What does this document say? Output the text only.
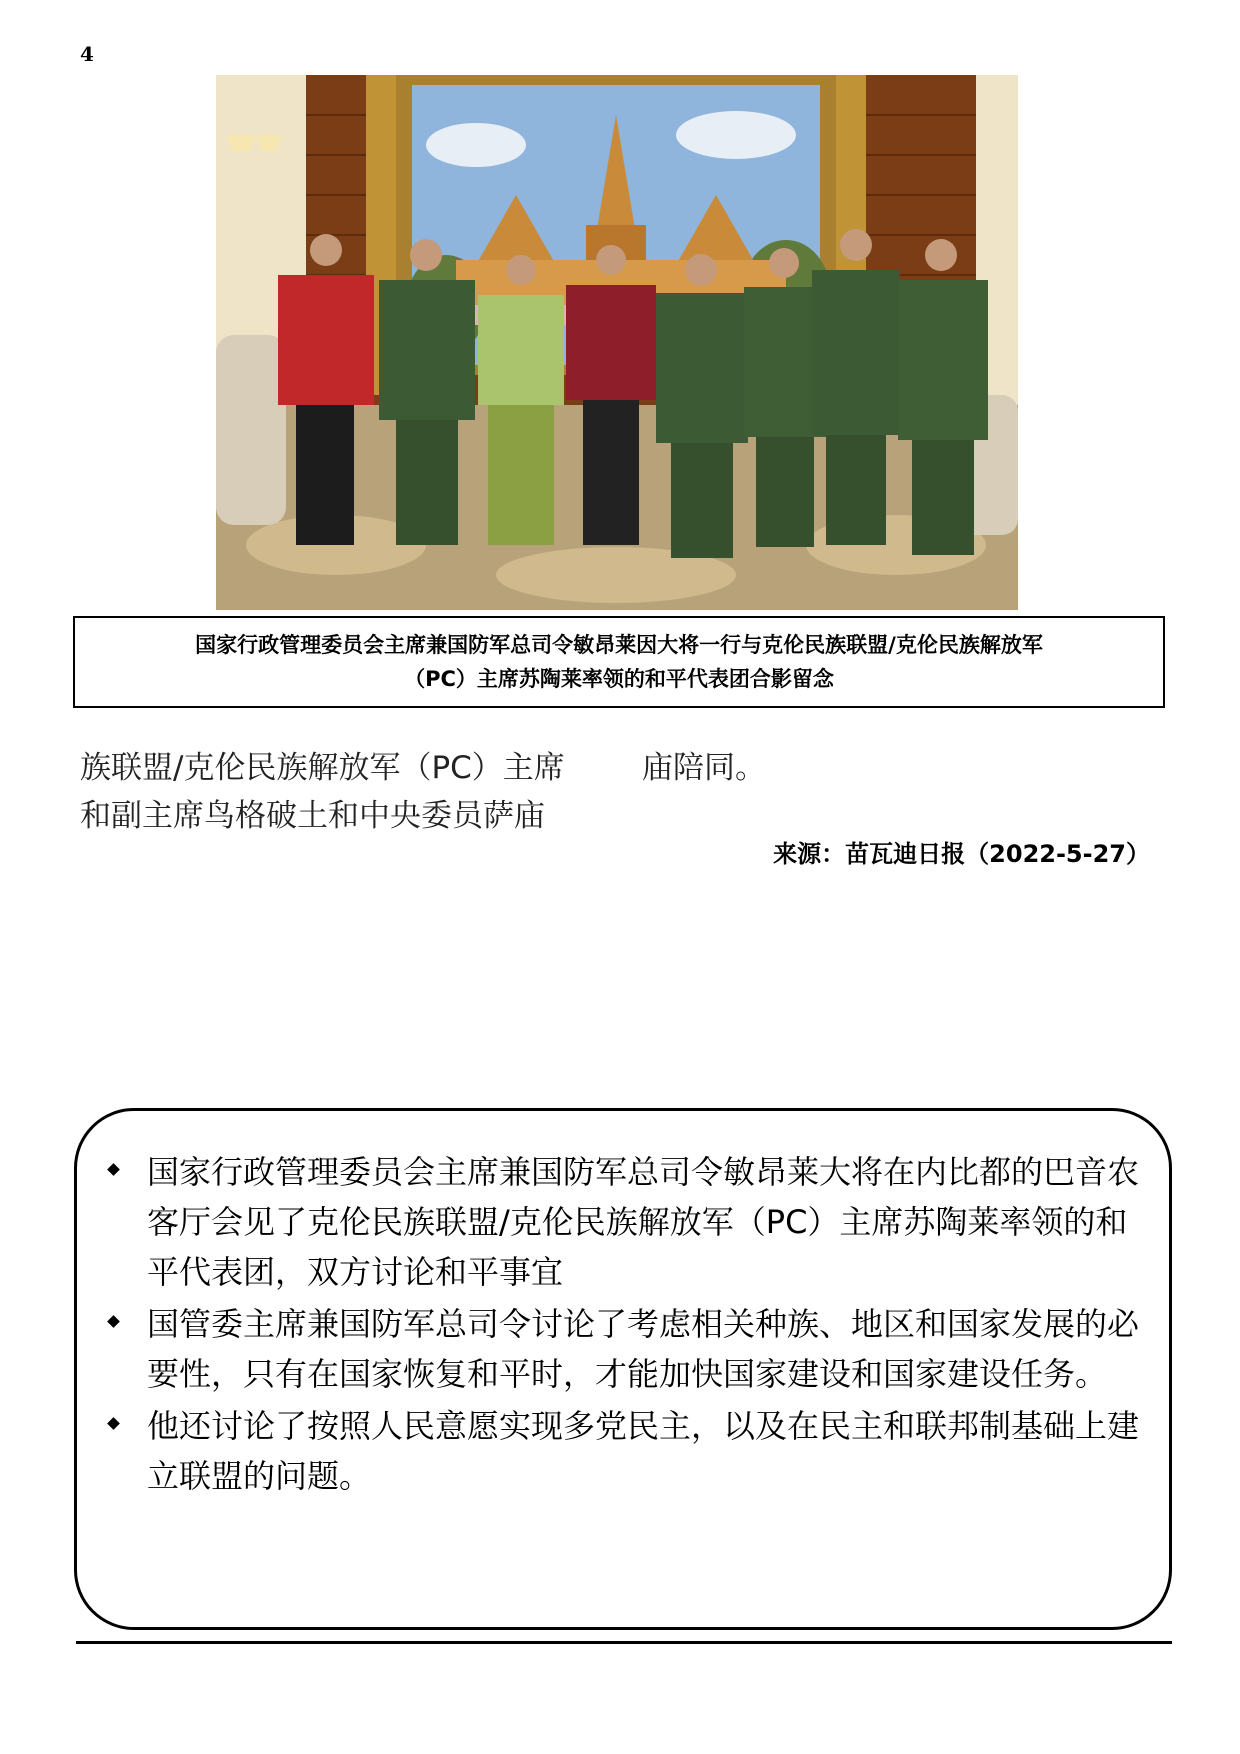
4
国家行政管理委员会主席兼国防军总司令敏昂莱因大将一行与克伦民族联盟/克伦民族解放军
（PC）主席苏陶莱率领的和平代表团合影留念
族联盟/克伦民族解放军（PC）主席
和副主席鸟格破土和中央委员萨庙
庙陪同。
来源：苗瓦迪日报（2022-5-27）
国家行政管理委员会主席兼国防军总司令敏昂莱大将在内比都的巴音农客厅会见了克伦民族联盟/克伦民族解放军（PC）主席苏陶莱率领的和平代表团，双方讨论和平事宜
国管委主席兼国防军总司令讨论了考虑相关种族、地区和国家发展的必要性，只有在国家恢复和平时，才能加快国家建设和国家建设任务。
他还讨论了按照人民意愿实现多党民主，以及在民主和联邦制基础上建立联盟的问题。
